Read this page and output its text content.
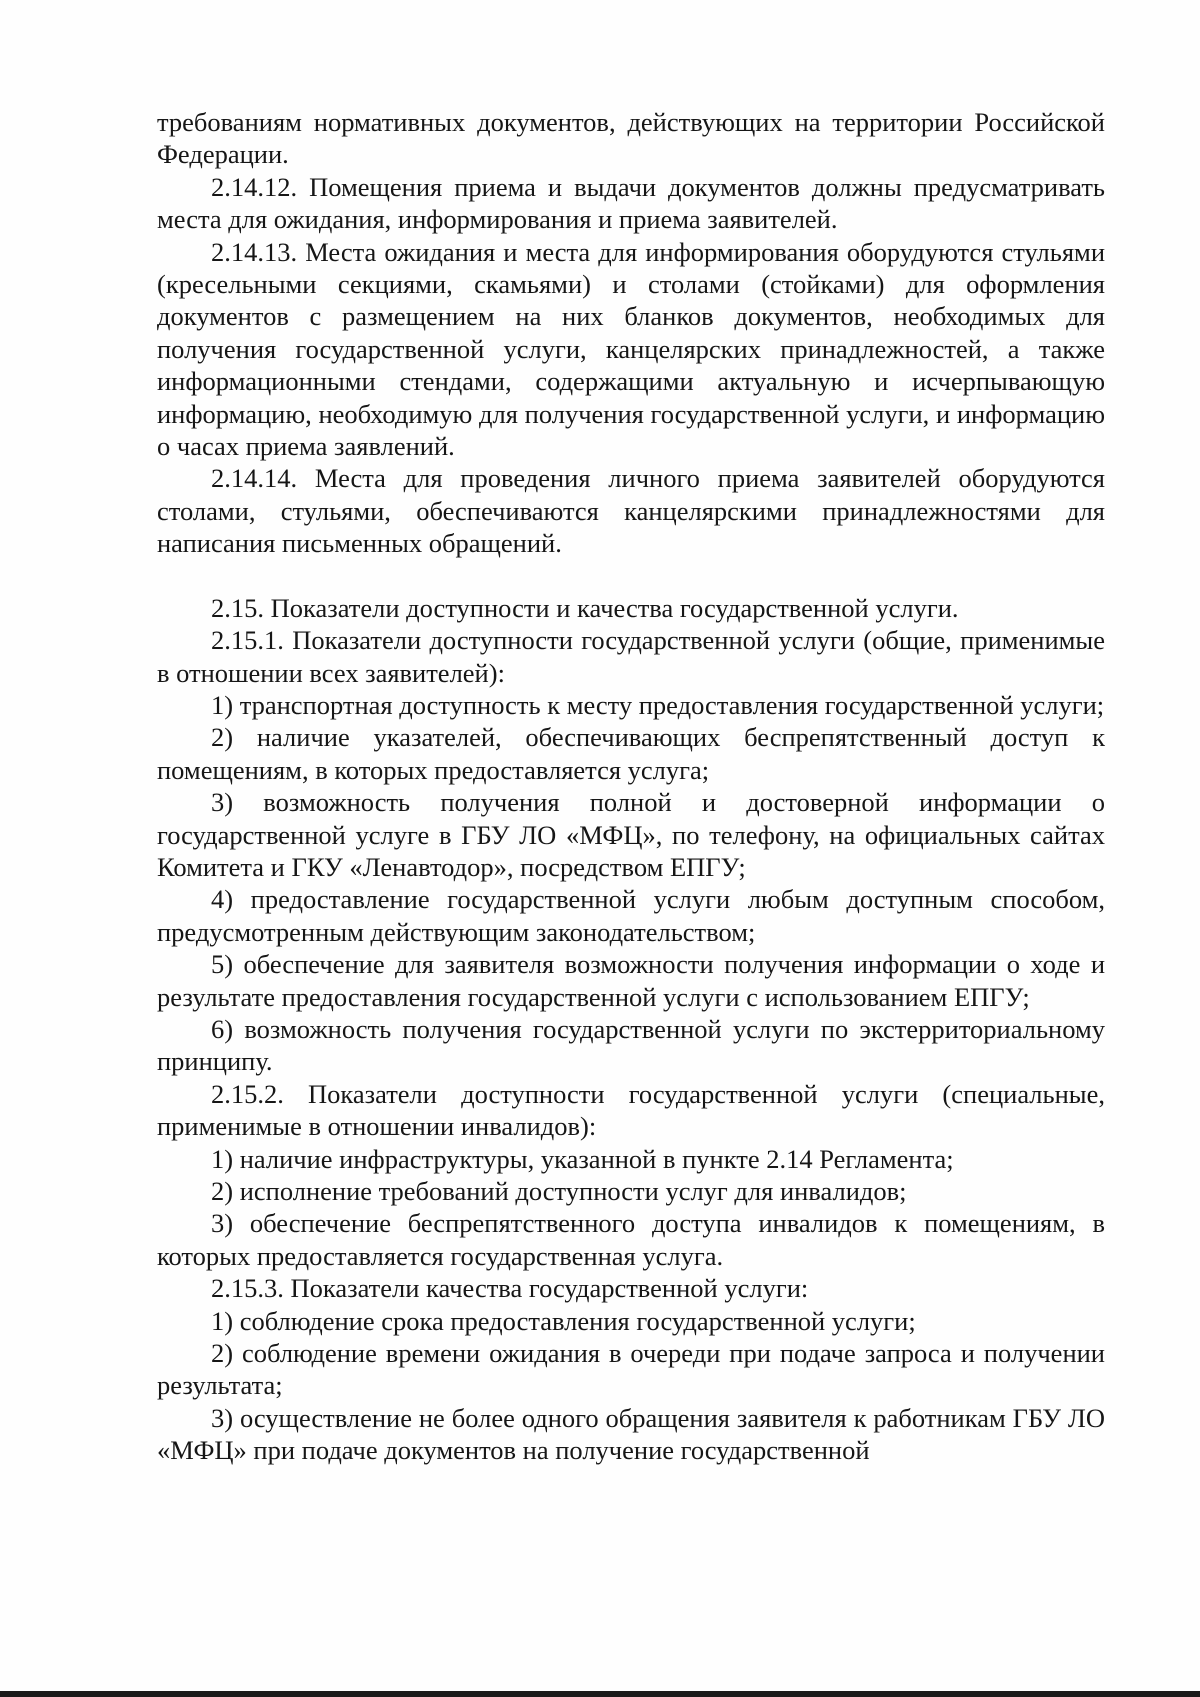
требованиям нормативных документов, действующих на территории Российской Федерации.

2.14.12. Помещения приема и выдачи документов должны предусматривать места для ожидания, информирования и приема заявителей.

2.14.13. Места ожидания и места для информирования оборудуются стульями (кресельными секциями, скамьями) и столами (стойками) для оформления документов с размещением на них бланков документов, необходимых для получения государственной услуги, канцелярских принадлежностей, а также информационными стендами, содержащими актуальную и исчерпывающую информацию, необходимую для получения государственной услуги, и информацию о часах приема заявлений.

2.14.14. Места для проведения личного приема заявителей оборудуются столами, стульями, обеспечиваются канцелярскими принадлежностями для написания письменных обращений.

2.15. Показатели доступности и качества государственной услуги.

2.15.1. Показатели доступности государственной услуги (общие, применимые в отношении всех заявителей):

1) транспортная доступность к месту предоставления государственной услуги;

2) наличие указателей, обеспечивающих беспрепятственный доступ к помещениям, в которых предоставляется услуга;

3) возможность получения полной и достоверной информации о государственной услуге в ГБУ ЛО «МФЦ», по телефону, на официальных сайтах Комитета и ГКУ «Ленавтодор», посредством ЕПГУ;

4) предоставление государственной услуги любым доступным способом, предусмотренным действующим законодательством;

5) обеспечение для заявителя возможности получения информации о ходе и результате предоставления государственной услуги с использованием ЕПГУ;

6) возможность получения государственной услуги по экстерриториальному принципу.

2.15.2. Показатели доступности государственной услуги (специальные, применимые в отношении инвалидов):

1) наличие инфраструктуры, указанной в пункте 2.14 Регламента;

2) исполнение требований доступности услуг для инвалидов;

3) обеспечение беспрепятственного доступа инвалидов к помещениям, в которых предоставляется государственная услуга.

2.15.3. Показатели качества государственной услуги:

1) соблюдение срока предоставления государственной услуги;

2) соблюдение времени ожидания в очереди при подаче запроса и получении результата;

3) осуществление не более одного обращения заявителя к работникам ГБУ ЛО «МФЦ» при подаче документов на получение государственной
